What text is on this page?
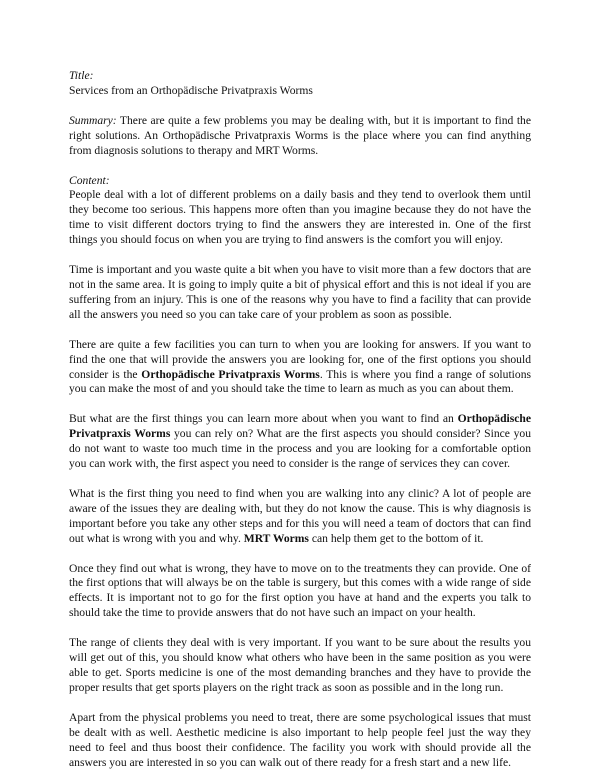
Title:

Services from an Orthopädische Privatpraxis Worms

Summary: There are quite a few problems you may be dealing with, but it is important to find the right solutions. An Orthopädische Privatpraxis Worms is the place where you can find anything from diagnosis solutions to therapy and MRT Worms.

Content:

People deal with a lot of different problems on a daily basis and they tend to overlook them until they become too serious. This happens more often than you imagine because they do not have the time to visit different doctors trying to find the answers they are interested in. One of the first things you should focus on when you are trying to find answers is the comfort you will enjoy.

Time is important and you waste quite a bit when you have to visit more than a few doctors that are not in the same area. It is going to imply quite a bit of physical effort and this is not ideal if you are suffering from an injury. This is one of the reasons why you have to find a facility that can provide all the answers you need so you can take care of your problem as soon as possible.

There are quite a few facilities you can turn to when you are looking for answers. If you want to find the one that will provide the answers you are looking for, one of the first options you should consider is the Orthopädische Privatpraxis Worms. This is where you find a range of solutions you can make the most of and you should take the time to learn as much as you can about them.

But what are the first things you can learn more about when you want to find an Orthopädische Privatpraxis Worms you can rely on? What are the first aspects you should consider? Since you do not want to waste too much time in the process and you are looking for a comfortable option you can work with, the first aspect you need to consider is the range of services they can cover.

What is the first thing you need to find when you are walking into any clinic? A lot of people are aware of the issues they are dealing with, but they do not know the cause. This is why diagnosis is important before you take any other steps and for this you will need a team of doctors that can find out what is wrong with you and why. MRT Worms can help them get to the bottom of it.

Once they find out what is wrong, they have to move on to the treatments they can provide. One of the first options that will always be on the table is surgery, but this comes with a wide range of side effects. It is important not to go for the first option you have at hand and the experts you talk to should take the time to provide answers that do not have such an impact on your health.

The range of clients they deal with is very important. If you want to be sure about the results you will get out of this, you should know what others who have been in the same position as you were able to get. Sports medicine is one of the most demanding branches and they have to provide the proper results that get sports players on the right track as soon as possible and in the long run.

Apart from the physical problems you need to treat, there are some psychological issues that must be dealt with as well. Aesthetic medicine is also important to help people feel just the way they need to feel and thus boost their confidence. The facility you work with should provide all the answers you are interested in so you can walk out of there ready for a fresh start and a new life.
